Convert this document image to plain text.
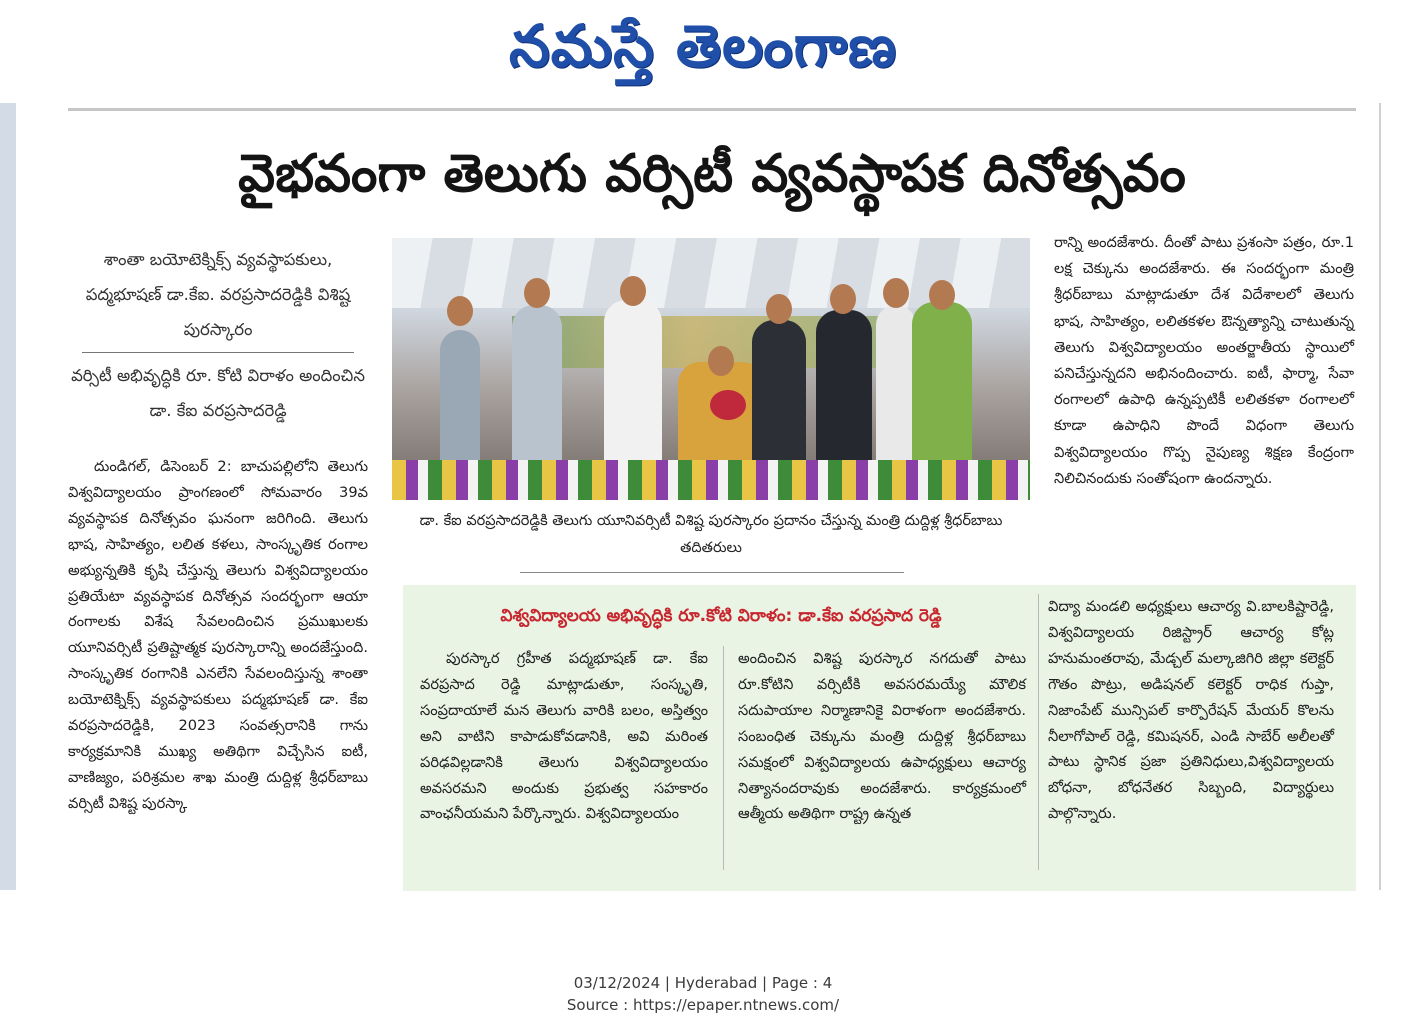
నమస్తే తెలంగాణ
వైభవంగా తెలుగు వర్సిటీ వ్యవస్థాపక దినోత్సవం
శాంతా బయోటెక్నిక్స్ వ్యవస్థాపకులు, పద్మభూషణ్ డా.కేఐ. వరప్రసాదరెడ్డికి విశిష్ట పురస్కారం
వర్సిటీ అభివృద్ధికి రూ. కోటి విరాళం అందించిన డా. కేఐ వరప్రసాదరెడ్డి
దుండిగల్, డిసెంబర్ 2: బాచుపల్లిలోని తెలుగు విశ్వవిద్యాలయం ప్రాంగణంలో సోమవారం 39వ వ్యవస్థాపక దినోత్సవం ఘనంగా జరిగింది. తెలుగు భాష, సాహిత్యం, లలిత కళలు, సాంస్కృతిక రంగాల అభ్యున్నతికి కృషి చేస్తున్న తెలుగు విశ్వవిద్యాలయం ప్రతియేటా వ్యవస్థాపక దినోత్సవ సందర్భంగా ఆయా రంగాలకు విశేష సేవలందించిన ప్రముఖులకు యూనివర్సిటీ ప్రతిష్టాత్మక పురస్కారాన్ని అందజేస్తుంది. సాంస్కృతిక రంగానికి ఎనలేని సేవలందిస్తున్న శాంతా బయోటెక్నిక్స్ వ్యవస్థాపకులు పద్మభూషణ్ డా. కేఐ వరప్రసాదరెడ్డికి, 2023 సంవత్సరానికి గాను కార్యక్రమానికి ముఖ్య అతిథిగా విచ్చేసిన ఐటీ, వాణిజ్యం, పరిశ్రమల శాఖ మంత్రి దుద్దిళ్ల శ్రీధర్‌బాబు వర్సిటీ విశిష్ట పురస్కా
డా. కేఐ వరప్రసాదరెడ్డికి తెలుగు యూనివర్సిటీ విశిష్ట పురస్కారం ప్రదానం చేస్తున్న మంత్రి దుద్దిళ్ల శ్రీధర్‌బాబు తదితరులు
రాన్ని అందజేశారు. దీంతో పాటు ప్రశంసా పత్రం, రూ.1 లక్ష చెక్కును అందజేశారు. ఈ సందర్భంగా మంత్రి శ్రీధర్‌బాబు మాట్లాడుతూ దేశ విదేశాలలో తెలుగు భాష, సాహిత్యం, లలితకళల ఔన్నత్యాన్ని చాటుతున్న తెలుగు విశ్వవిద్యాలయం అంతర్జాతీయ స్థాయిలో పనిచేస్తున్నదని అభినందించారు. ఐటీ, ఫార్మా, సేవా రంగాలలో ఉపాధి ఉన్నప్పటికీ లలితకళా రంగాలలో కూడా ఉపాధిని పొందే విధంగా తెలుగు విశ్వవిద్యాలయం గొప్ప నైపుణ్య శిక్షణ కేంద్రంగా నిలిచినందుకు సంతోషంగా ఉందన్నారు.
విశ్వవిద్యాలయ అభివృద్ధికి రూ.కోటి విరాళం: డా.కేఐ వరప్రసాద రెడ్డి
పురస్కార గ్రహీత పద్మభూషణ్ డా. కేఐ వరప్రసాద రెడ్డి మాట్లాడుతూ, సంస్కృతి, సంప్రదాయాలే మన తెలుగు వారికి బలం, అస్తిత్వం అని వాటిని కాపాడుకోవడానికి, అవి మరింత పరిఢవిల్లడానికి తెలుగు విశ్వవిద్యాలయం అవసరమని అందుకు ప్రభుత్వ సహకారం వాంఛనీయమని పేర్కొన్నారు. విశ్వవిద్యాలయం
అందించిన విశిష్ట పురస్కార నగదుతో పాటు రూ.కోటిని వర్సిటీకి అవసరమయ్యే మౌలిక సదుపాయాల నిర్మాణానికై విరాళంగా అందజేశారు. సంబంధిత చెక్కును మంత్రి దుద్దిళ్ల శ్రీధర్‌బాబు సమక్షంలో విశ్వవిద్యాలయ ఉపాధ్యక్షులు ఆచార్య నిత్యానందరావుకు అందజేశారు. కార్యక్రమంలో ఆత్మీయ అతిథిగా రాష్ట్ర ఉన్నత
విద్యా మండలి అధ్యక్షులు ఆచార్య వి.బాలకిష్టారెడ్డి, విశ్వవిద్యాలయ రిజిస్ట్రార్ ఆచార్య కోట్ల హనుమంతరావు, మేడ్చల్ మల్కాజిగిరి జిల్లా కలెక్టర్ గౌతం పొట్రు, అడిషనల్ కలెక్టర్ రాధిక గుప్తా, నిజాంపేట్ మున్సిపల్ కార్పొరేషన్ మేయర్ కొలను నీలాగోపాల్ రెడ్డి, కమిషనర్, ఎండి సాబేర్ అలీలతో పాటు స్థానిక ప్రజా ప్రతినిధులు,విశ్వవిద్యాలయ బోధనా, బోధనేతర సిబ్బంది, విద్యార్థులు పాల్గొన్నారు.
03/12/2024 | Hyderabad | Page : 4
Source : https://epaper.ntnews.com/
